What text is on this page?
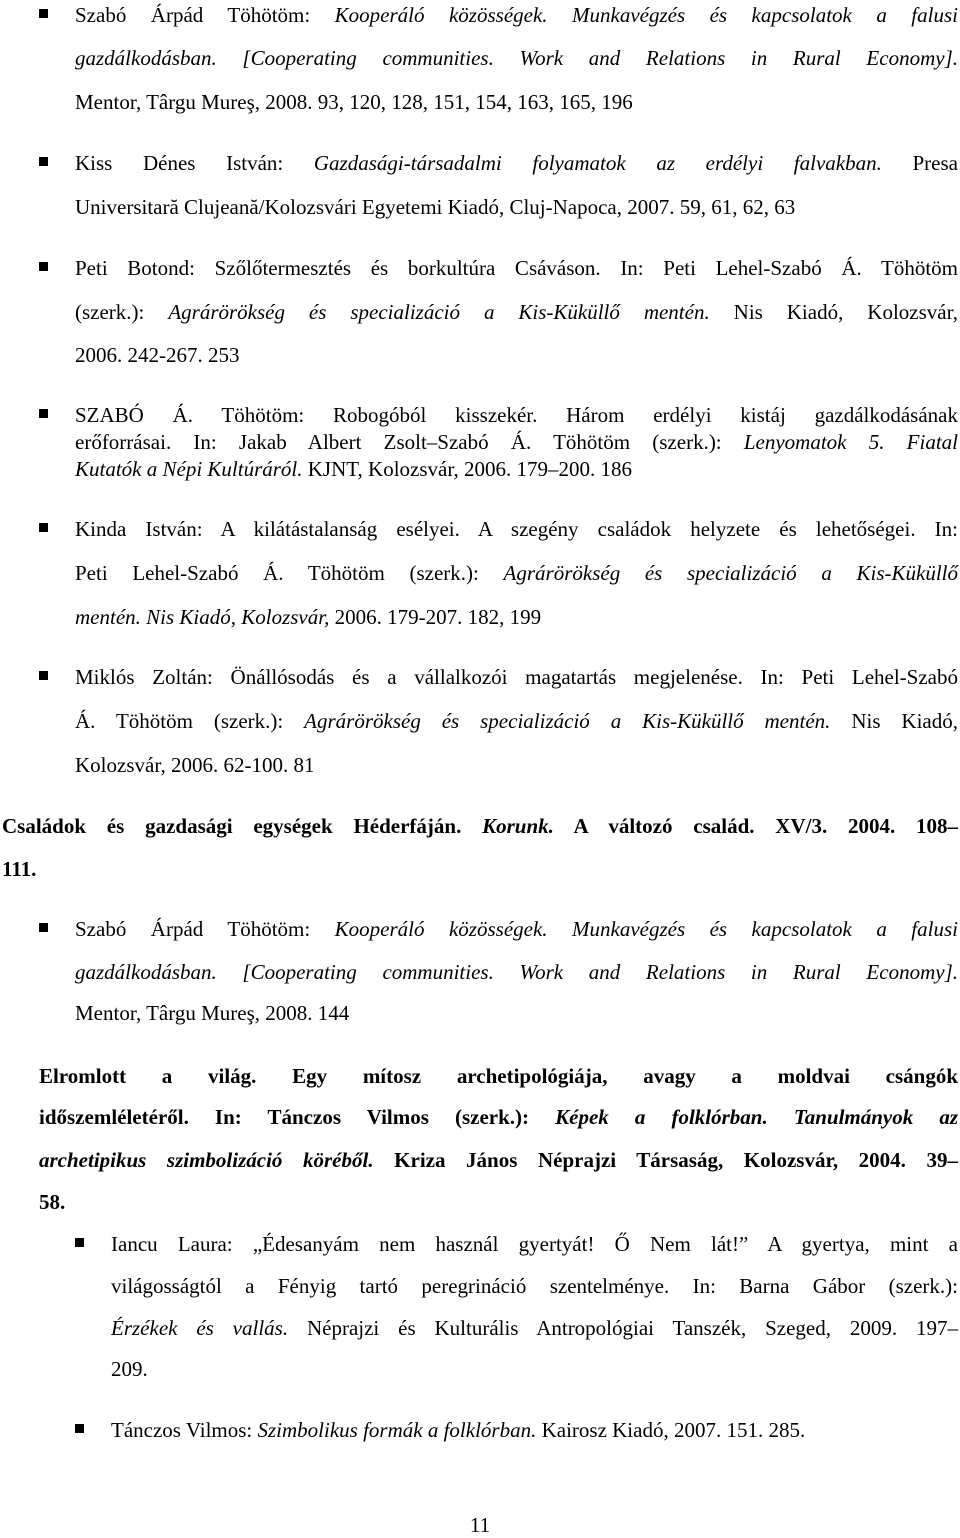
Szabó Árpád Töhötöm: Kooperáló közösségek. Munkavégzés és kapcsolatok a falusi
gazdálkodásban. [Cooperating communities. Work and Relations in Rural Economy].
Mentor, Târgu Mureş, 2008. 93, 120, 128, 151, 154, 163, 165, 196
Kiss Dénes István: Gazdasági-társadalmi folyamatok az erdélyi falvakban. Presa
Universitară Clujeană/Kolozsvári Egyetemi Kiadó, Cluj-Napoca, 2007. 59, 61, 62, 63
Peti Botond: Szőlőtermesztés és borkultúra Csáváson. In: Peti Lehel-Szabó Á. Töhötöm
(szerk.): Agrárörökség és specializáció a Kis-Küküllő mentén. Nis Kiadó, Kolozsvár,
2006. 242-267. 253
SZABÓ Á. Töhötöm: Robogóból kisszekér. Három erdélyi kistáj gazdálkodásának
erőforrásai. In: Jakab Albert Zsolt–Szabó Á. Töhötöm (szerk.): Lenyomatok 5. Fiatal
Kutatók a Népi Kultúráról. KJNT, Kolozsvár, 2006. 179–200. 186
Kinda István: A kilátástalanság esélyei. A szegény családok helyzete és lehetőségei. In:
Peti Lehel-Szabó Á. Töhötöm (szerk.): Agrárörökség és specializáció a Kis-Küküllő
mentén. Nis Kiadó, Kolozsvár, 2006. 179-207. 182, 199
Miklós Zoltán: Önállósodás és a vállalkozói magatartás megjelenése. In: Peti Lehel-Szabó
Á. Töhötöm (szerk.): Agrárörökség és specializáció a Kis-Küküllő mentén. Nis Kiadó,
Kolozsvár, 2006. 62-100. 81
Családok és gazdasági egységek Héderfáján. Korunk. A változó család. XV/3. 2004. 108–
111.
Szabó Árpád Töhötöm: Kooperáló közösségek. Munkavégzés és kapcsolatok a falusi
gazdálkodásban. [Cooperating communities. Work and Relations in Rural Economy].
Mentor, Târgu Mureş, 2008. 144
Elromlott a világ. Egy mítosz archetipológiája, avagy a moldvai csángók
időszemléletéről. In: Tánczos Vilmos (szerk.): Képek a folklórban. Tanulmányok az
archetipikus szimbolizáció köréből. Kriza János Néprajzi Társaság, Kolozsvár, 2004. 39–
58.
Iancu Laura: „Édesanyám nem használ gyertyát! Ő Nem lát!” A gyertya, mint a
világosságtól a Fényig tartó peregrináció szentelménye. In: Barna Gábor (szerk.):
Érzékek és vallás. Néprajzi és Kulturális Antropológiai Tanszék, Szeged, 2009. 197–
209.
Tánczos Vilmos: Szimbolikus formák a folklórban. Kairosz Kiadó, 2007. 151. 285.
11
